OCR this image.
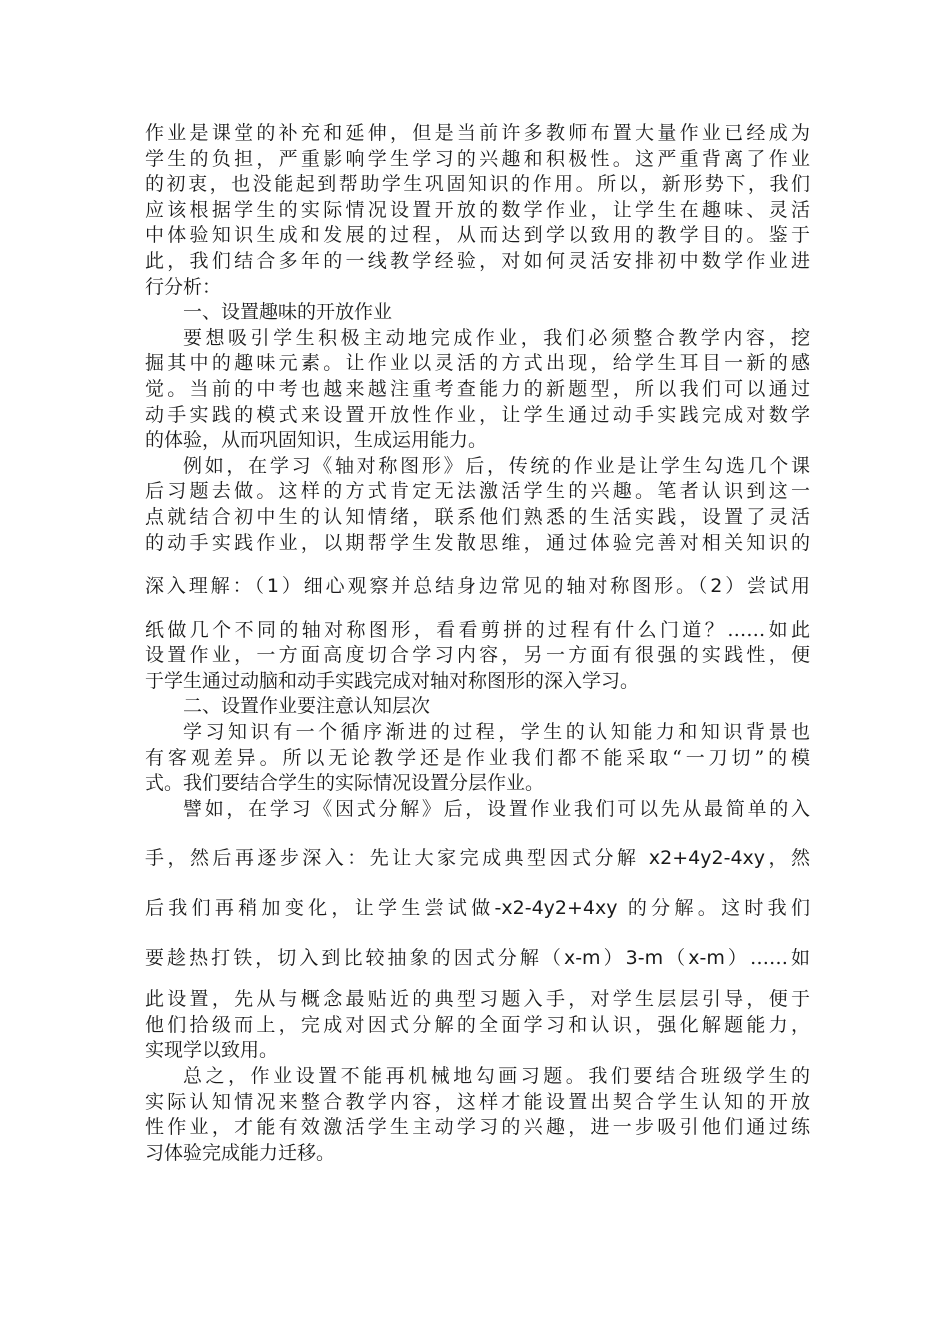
作业是课堂的补充和延伸，但是当前许多教师布置大量作业已经成为
学生的负担，严重影响学生学习的兴趣和积极性。这严重背离了作业
的初衷，也没能起到帮助学生巩固知识的作用。所以，新形势下，我们
应该根据学生的实际情况设置开放的数学作业，让学生在趣味、灵活
中体验知识生成和发展的过程，从而达到学以致用的教学目的。鉴于
此，我们结合多年的一线教学经验，对如何灵活安排初中数学作业进
行分析：
一、设置趣味的开放作业
要想吸引学生积极主动地完成作业，我们必须整合教学内容，挖
掘其中的趣味元素。让作业以灵活的方式出现，给学生耳目一新的感
觉。当前的中考也越来越注重考查能力的新题型，所以我们可以通过
动手实践的模式来设置开放性作业，让学生通过动手实践完成对数学
的体验，从而巩固知识，生成运用能力。
例如，在学习《轴对称图形》后，传统的作业是让学生勾选几个课
后习题去做。这样的方式肯定无法激活学生的兴趣。笔者认识到这一
点就结合初中生的认知情绪，联系他们熟悉的生活实践，设置了灵活
的动手实践作业，以期帮学生发散思维，通过体验完善对相关知识的
深入理解：（1）细心观察并总结身边常见的轴对称图形。（2）尝试用
纸做几个不同的轴对称图形，看看剪拼的过程有什么门道？……如此
设置作业，一方面高度切合学习内容，另一方面有很强的实践性，便
于学生通过动脑和动手实践完成对轴对称图形的深入学习。
二、设置作业要注意认知层次
学习知识有一个循序渐进的过程，学生的认知能力和知识背景也
有客观差异。所以无论教学还是作业我们都不能采取“一刀切”的模
式。我们要结合学生的实际情况设置分层作业。
譬如，在学习《因式分解》后，设置作业我们可以先从最简单的入
手，然后再逐步深入：先让大家完成典型因式分解 x2+4y2-4xy，然
后我们再稍加变化，让学生尝试做-x2-4y2+4xy 的分解。这时我们
要趁热打铁，切入到比较抽象的因式分解（x-m）3-m（x-m）……如
此设置，先从与概念最贴近的典型习题入手，对学生层层引导，便于
他们拾级而上，完成对因式分解的全面学习和认识，强化解题能力，
实现学以致用。
总之，作业设置不能再机械地勾画习题。我们要结合班级学生的
实际认知情况来整合教学内容，这样才能设置出契合学生认知的开放
性作业，才能有效激活学生主动学习的兴趣，进一步吸引他们通过练
习体验完成能力迁移。
